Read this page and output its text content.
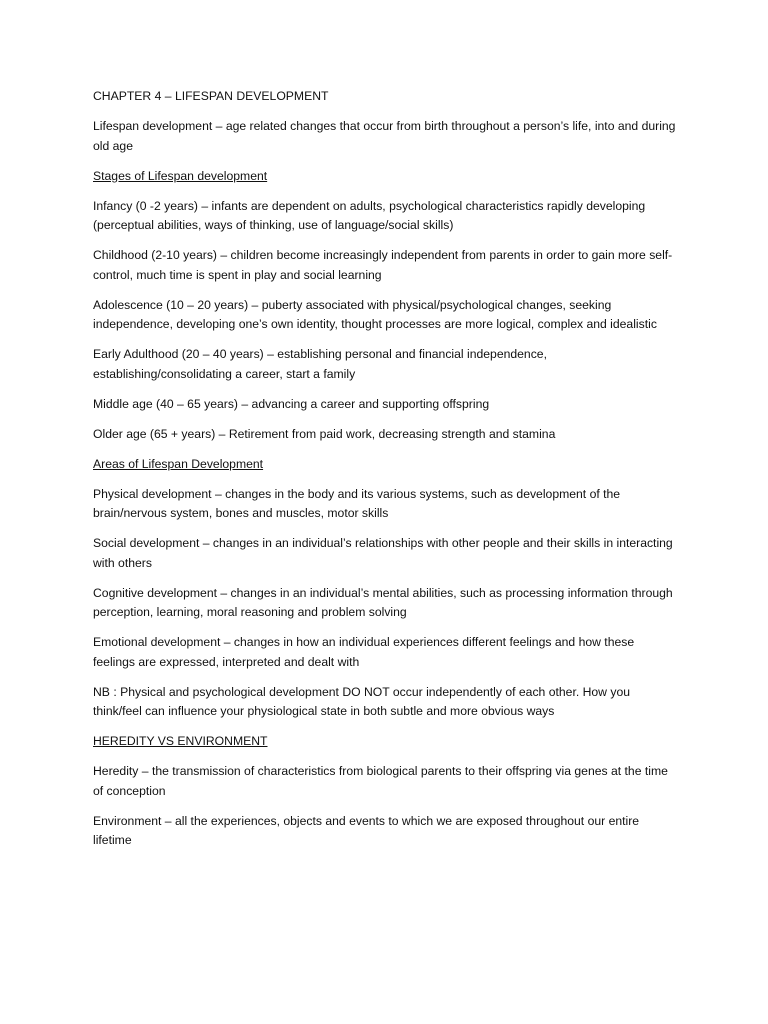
CHAPTER 4 – LIFESPAN DEVELOPMENT

Lifespan development – age related changes that occur from birth throughout a person’s life, into and during old age

Stages of Lifespan development

Infancy (0 -2 years) – infants are dependent on adults, psychological characteristics rapidly developing (perceptual abilities, ways of thinking, use of language/social skills)

Childhood (2-10 years) – children become increasingly independent from parents in order to gain more self- control, much time is spent in play and social learning

Adolescence (10 – 20 years) – puberty associated with physical/psychological changes, seeking independence, developing one’s own identity, thought processes are more logical, complex and idealistic

Early Adulthood (20 – 40 years) – establishing personal and financial independence, establishing/consolidating a career, start a family

Middle age (40 – 65 years) – advancing a career and supporting offspring

Older age (65 + years) – Retirement from paid work, decreasing strength and stamina

Areas of Lifespan Development

Physical development – changes in the body and its various systems, such as development of the brain/nervous system, bones and muscles, motor skills

Social development – changes in an individual’s relationships with other people and their skills in interacting with others

Cognitive development – changes in an individual’s mental abilities, such as processing information through perception, learning, moral reasoning and problem solving

Emotional development – changes in how an individual experiences different feelings and how these feelings are expressed, interpreted and dealt with

NB : Physical and psychological development DO NOT occur independently of each other. How you think/feel can influence your physiological state in both subtle and more obvious ways

HEREDITY VS ENVIRONMENT

Heredity – the transmission of characteristics from biological parents to their offspring via genes at the time of conception

Environment – all the experiences, objects and events to which we are exposed throughout our entire lifetime
